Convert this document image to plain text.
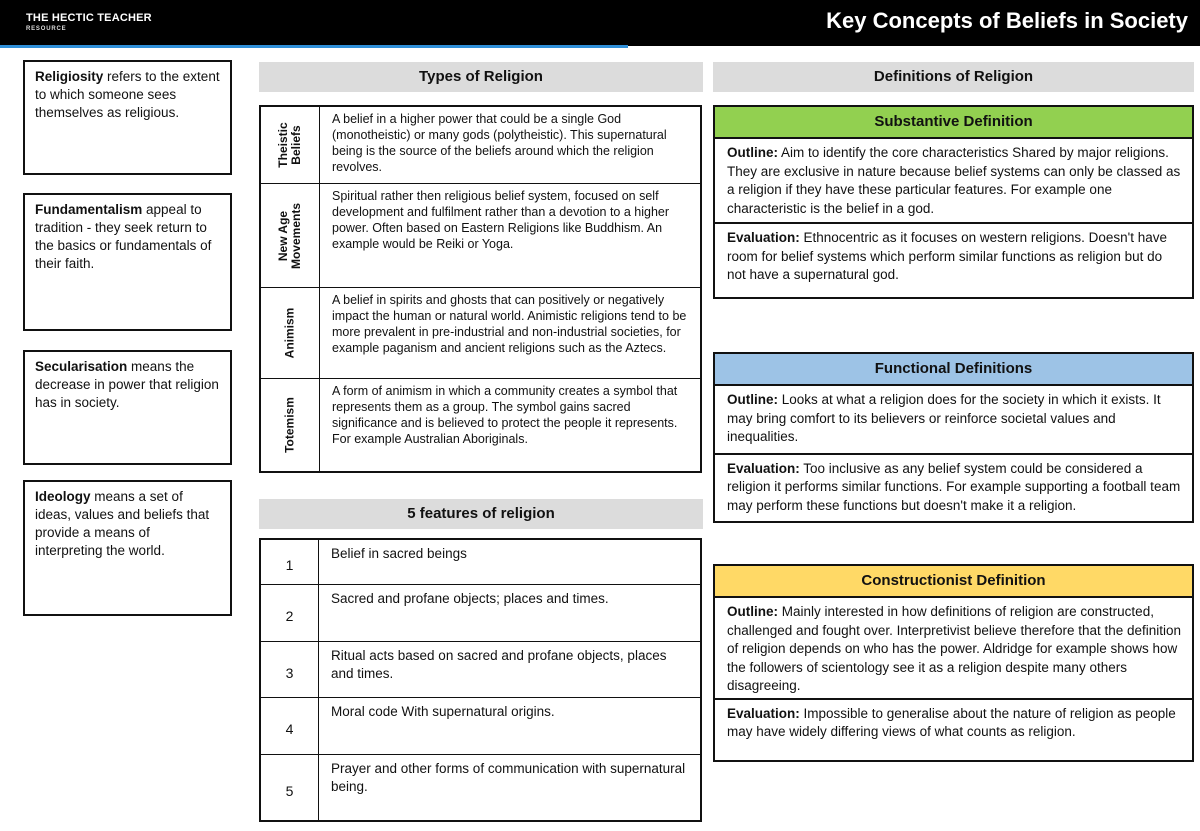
THE HECTIC TEACHER
RESOURCE	Key Concepts of Beliefs in Society
Religiosity refers to the extent to which someone sees themselves as religious.
Fundamentalism appeal to tradition - they seek return to the basics or fundamentals of their faith.
Secularisation means the decrease in power that religion has in society.
Ideology means a set of ideas, values and beliefs that provide a means of interpreting the world.
Types of Religion
Theistic Beliefs
A belief in a higher power that could be a single God (monotheistic) or many gods (polytheistic). This supernatural being is the source of the beliefs around which the religion revolves.
New Age Movements
Spiritual rather then religious belief system, focused on self development and fulfilment rather than a devotion to a higher power. Often based on Eastern Religions like Buddhism. An example would be Reiki or Yoga.
Animism
A belief in spirits and ghosts that can positively or negatively impact the human or natural world. Animistic religions tend to be more prevalent in pre-industrial and non-industrial societies, for example paganism and ancient religions such as the Aztecs.
Totemism
A form of animism in which a community creates a symbol that represents them as a group. The symbol gains sacred significance and is believed to protect the people it represents. For example Australian Aboriginals.
5 features of religion
1
Belief in sacred beings
2
Sacred and profane objects; places and times.
3
Ritual acts based on sacred and profane objects, places and times.
4
Moral code With supernatural origins.
5
Prayer and other forms of communication with supernatural being.
Definitions of Religion
Substantive Definition
Outline: Aim to identify the core characteristics Shared by major religions. They are exclusive in nature because belief systems can only be classed as a religion if they have these particular features. For example one characteristic is the belief in a god.
Evaluation: Ethnocentric as it focuses on western religions. Doesn't have room for belief systems which perform similar functions as religion but do not have a supernatural god.
Functional Definitions
Outline: Looks at what a religion does for the society in which it exists. It may bring comfort to its believers or reinforce societal values and inequalities.
Evaluation: Too inclusive as any belief system could be considered a religion it performs similar functions. For example supporting a football team may perform these functions but doesn't make it a religion.
Constructionist Definition
Outline: Mainly interested in how definitions of religion are constructed, challenged and fought over. Interpretivist believe therefore that the definition of religion depends on who has the power. Aldridge for example shows how the followers of scientology see it as a religion despite many others disagreeing.
Evaluation: Impossible to generalise about the nature of religion as people may have widely differing views of what counts as religion.
